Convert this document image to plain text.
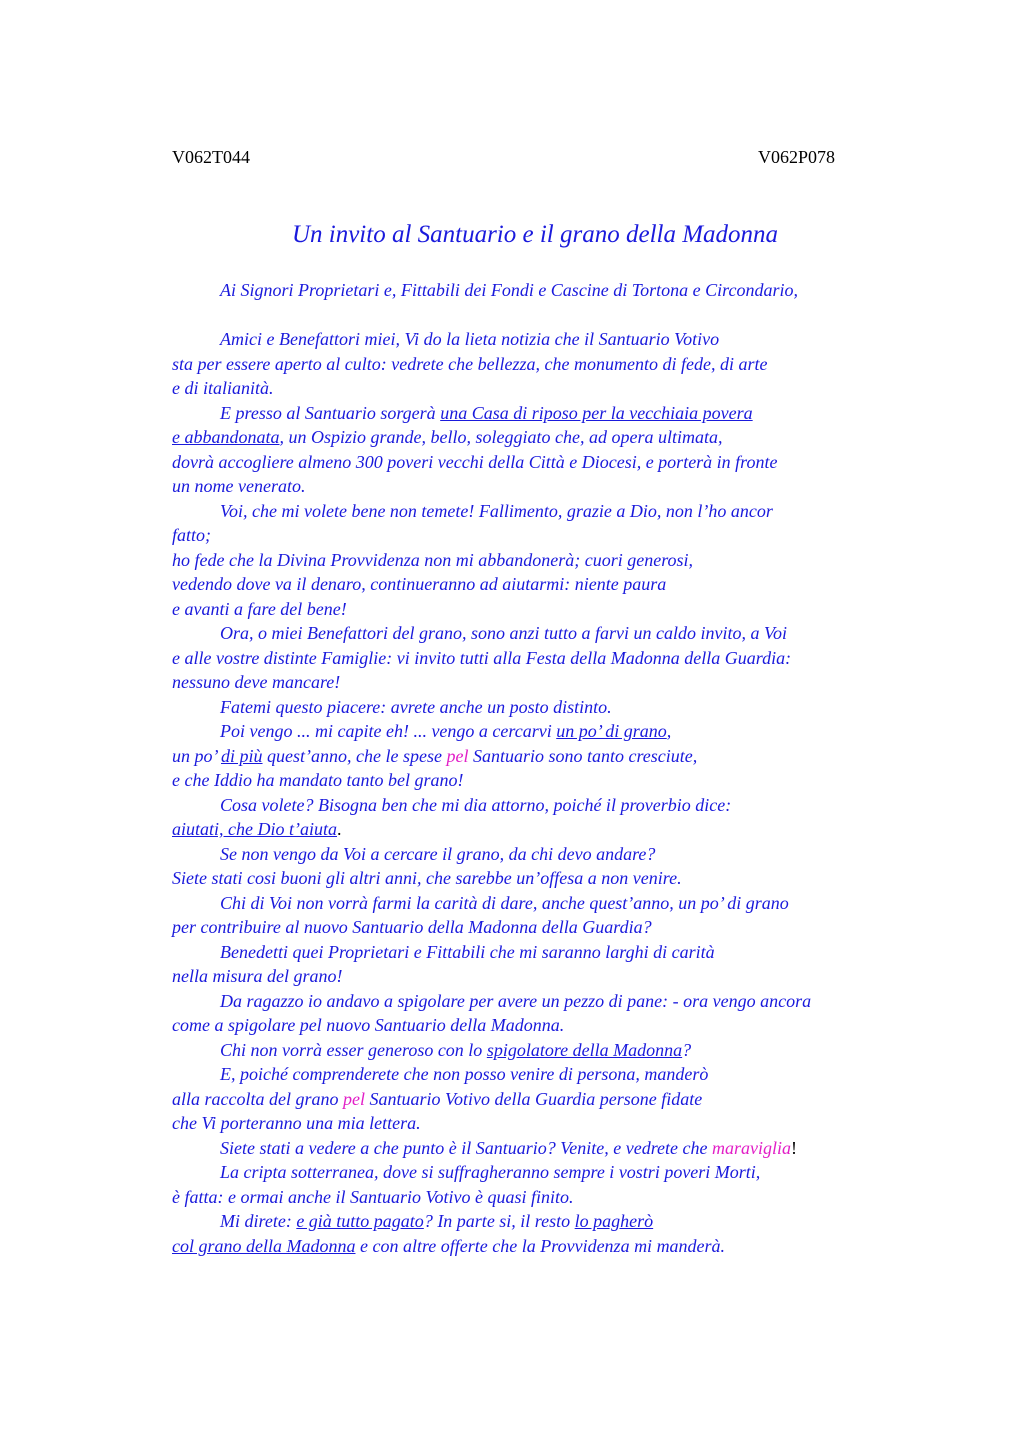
V062T044	V062P078
Un invito al Santuario e il grano della Madonna
Ai Signori Proprietari e, Fittabili dei Fondi e Cascine di Tortona e Circondario,
Amici e Benefattori miei, Vi do la lieta notizia che il Santuario Votivo
sta per essere aperto al culto: vedrete che bellezza, che monumento di fede, di arte
e di italianità.
E presso al Santuario sorgerà una Casa di riposo per la vecchiaia povera
e abbandonata, un Ospizio grande, bello, soleggiato che, ad opera ultimata,
dovrà accogliere almeno 300 poveri vecchi della Città e Diocesi, e porterà in fronte
un nome venerato.
Voi, che mi volete bene non temete! Fallimento, grazie a Dio, non l’ho ancor
fatto;
ho fede che la Divina Provvidenza non mi abbandonerà; cuori generosi,
vedendo dove va il denaro, continueranno ad aiutarmi: niente paura
e avanti a fare del bene!
Ora, o miei Benefattori del grano, sono anzi tutto a farvi un caldo invito, a Voi
e alle vostre distinte Famiglie: vi invito tutti alla Festa della Madonna della Guardia:
nessuno deve mancare!
Fatemi questo piacere: avrete anche un posto distinto.
Poi vengo ... mi capite eh! ... vengo a cercarvi un po’ di grano,
un po’ di più quest’anno, che le spese pel Santuario sono tanto cresciute,
e che Iddio ha mandato tanto bel grano!
Cosa volete? Bisogna ben che mi dia attorno, poiché il proverbio dice:
aiutati, che Dio t’aiuta.
Se non vengo da Voi a cercare il grano, da chi devo andare?
Siete stati cosi buoni gli altri anni, che sarebbe un’offesa a non venire.
Chi di Voi non vorrà farmi la carità di dare, anche quest’anno, un po’ di grano
per contribuire al nuovo Santuario della Madonna della Guardia?
Benedetti quei Proprietari e Fittabili che mi saranno larghi di carità
nella misura del grano!
Da ragazzo io andavo a spigolare per avere un pezzo di pane: - ora vengo ancora
come a spigolare pel nuovo Santuario della Madonna.
Chi non vorrà esser generoso con lo spigolatore della Madonna?
E, poiché comprenderete che non posso venire di persona, manderò
alla raccolta del grano pel Santuario Votivo della Guardia persone fidate
che Vi porteranno una mia lettera.
Siete stati a vedere a che punto è il Santuario? Venite, e vedrete che maraviglia!
La cripta sotterranea, dove si suffragheranno sempre i vostri poveri Morti,
è fatta: e ormai anche il Santuario Votivo è quasi finito.
Mi direte: e già tutto pagato? In parte si, il resto lo pagherò
col grano della Madonna e con altre offerte che la Provvidenza mi manderà.
